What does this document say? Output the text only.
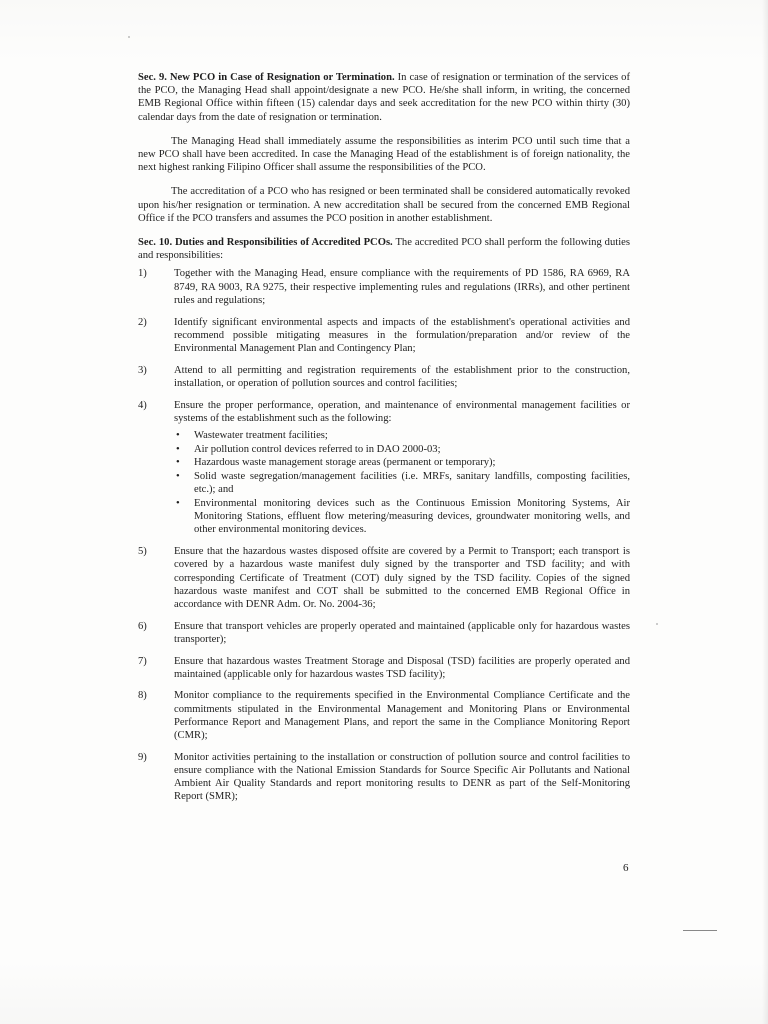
Sec. 9. New PCO in Case of Resignation or Termination. In case of resignation or termination of the services of the PCO, the Managing Head shall appoint/designate a new PCO. He/she shall inform, in writing, the concerned EMB Regional Office within fifteen (15) calendar days and seek accreditation for the new PCO within thirty (30) calendar days from the date of resignation or termination.

The Managing Head shall immediately assume the responsibilities as interim PCO until such time that a new PCO shall have been accredited. In case the Managing Head of the establishment is of foreign nationality, the next highest ranking Filipino Officer shall assume the responsibilities of the PCO.

The accreditation of a PCO who has resigned or been terminated shall be considered automatically revoked upon his/her resignation or termination. A new accreditation shall be secured from the concerned EMB Regional Office if the PCO transfers and assumes the PCO position in another establishment.

Sec. 10. Duties and Responsibilities of Accredited PCOs. The accredited PCO shall perform the following duties and responsibilities:

1)	Together with the Managing Head, ensure compliance with the requirements of PD 1586, RA 6969, RA 8749, RA 9003, RA 9275, their respective implementing rules and regulations (IRRs), and other pertinent rules and regulations;
2)	Identify significant environmental aspects and impacts of the establishment's operational activities and recommend possible mitigating measures in the formulation/preparation and/or review of the Environmental Management Plan and Contingency Plan;
3)	Attend to all permitting and registration requirements of the establishment prior to the construction, installation, or operation of pollution sources and control facilities;
4)	Ensure the proper performance, operation, and maintenance of environmental management facilities or systems of the establishment such as the following:
• Wastewater treatment facilities;
• Air pollution control devices referred to in DAO 2000-03;
• Hazardous waste management storage areas (permanent or temporary);
• Solid waste segregation/management facilities (i.e. MRFs, sanitary landfills, composting facilities, etc.); and
• Environmental monitoring devices such as the Continuous Emission Monitoring Systems, Air Monitoring Stations, effluent flow metering/measuring devices, groundwater monitoring wells, and other environmental monitoring devices.
5)	Ensure that the hazardous wastes disposed offsite are covered by a Permit to Transport; each transport is covered by a hazardous waste manifest duly signed by the transporter and TSD facility; and with corresponding Certificate of Treatment (COT) duly signed by the TSD facility. Copies of the signed hazardous waste manifest and COT shall be submitted to the concerned EMB Regional Office in accordance with DENR Adm. Or. No. 2004-36;
6)	Ensure that transport vehicles are properly operated and maintained (applicable only for hazardous wastes transporter);
7)	Ensure that hazardous wastes Treatment Storage and Disposal (TSD) facilities are properly operated and maintained (applicable only for hazardous wastes TSD facility);
8)	Monitor compliance to the requirements specified in the Environmental Compliance Certificate and the commitments stipulated in the Environmental Management and Monitoring Plans or Environmental Performance Report and Management Plans, and report the same in the Compliance Monitoring Report (CMR);
9)	Monitor activities pertaining to the installation or construction of pollution source and control facilities to ensure compliance with the National Emission Standards for Source Specific Air Pollutants and National Ambient Air Quality Standards and report monitoring results to DENR as part of the Self-Monitoring Report (SMR);
6
